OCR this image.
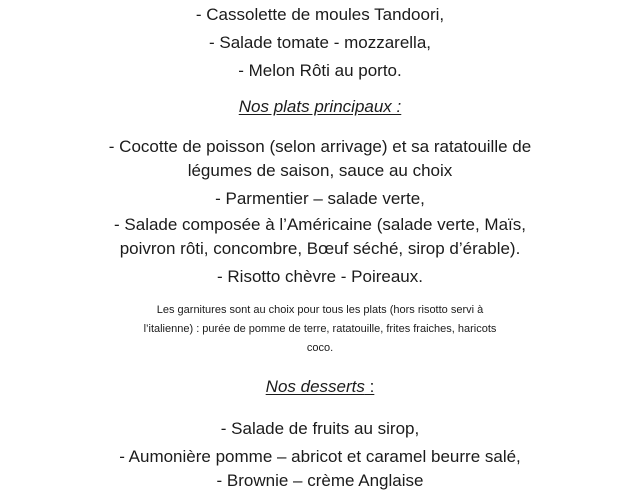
- Cassolette de moules Tandoori,
- Salade tomate - mozzarella,
- Melon Rôti au porto.
Nos plats principaux :
- Cocotte de poisson (selon arrivage) et sa ratatouille de
légumes de saison, sauce au choix
- Parmentier – salade verte,
- Salade composée à l’Américaine (salade verte, Maïs,
poivron rôti, concombre, Bœuf séché, sirop d’érable).
- Risotto chèvre - Poireaux.
Les garnitures sont au choix pour tous les plats (hors risotto servi à
l’italienne) : purée de pomme de terre, ratatouille, frites fraiches, haricots
coco.
Nos desserts :
- Salade de fruits au sirop,
- Aumonière pomme – abricot et caramel beurre salé,
- Brownie – crème Anglaise
